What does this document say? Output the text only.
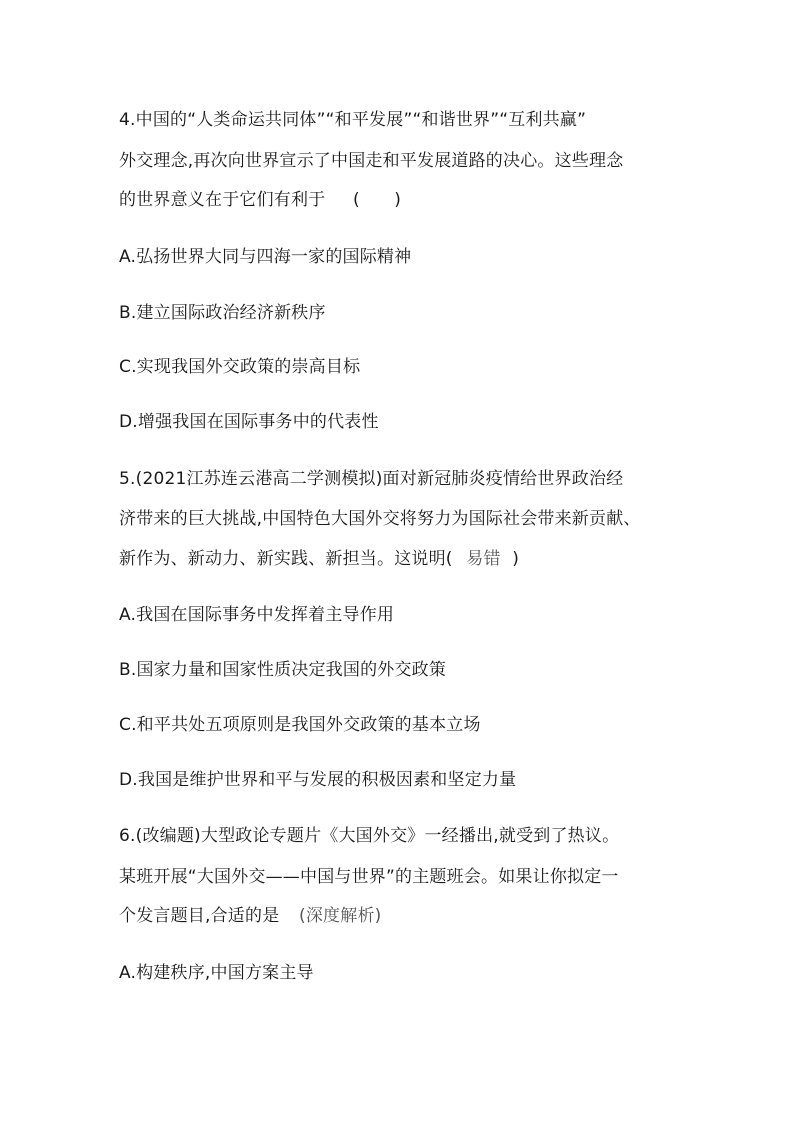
4.中国的“人类命运共同体”“和平发展”“和谐世界”“互利共赢”
外交理念,再次向世界宣示了中国走和平发展道路的决心。这些理念
的世界意义在于它们有利于 (　　)
A.弘扬世界大同与四海一家的国际精神
B.建立国际政治经济新秩序
C.实现我国外交政策的崇高目标
D.增强我国在国际事务中的代表性
5.(2021江苏连云港高二学测模拟)面对新冠肺炎疫情给世界政治经
济带来的巨大挑战,中国特色大国外交将努力为国际社会带来新贡献、
新作为、新动力、新实践、新担当。这说明( 易错 )
A.我国在国际事务中发挥着主导作用
B.国家力量和国家性质决定我国的外交政策
C.和平共处五项原则是我国外交政策的基本立场
D.我国是维护世界和平与发展的积极因素和坚定力量
6.(改编题)大型政论专题片《大国外交》一经播出,就受到了热议。
某班开展“大国外交——中国与世界”的主题班会。如果让你拟定一
个发言题目,合适的是 (深度解析)
A.构建秩序,中国方案主导
